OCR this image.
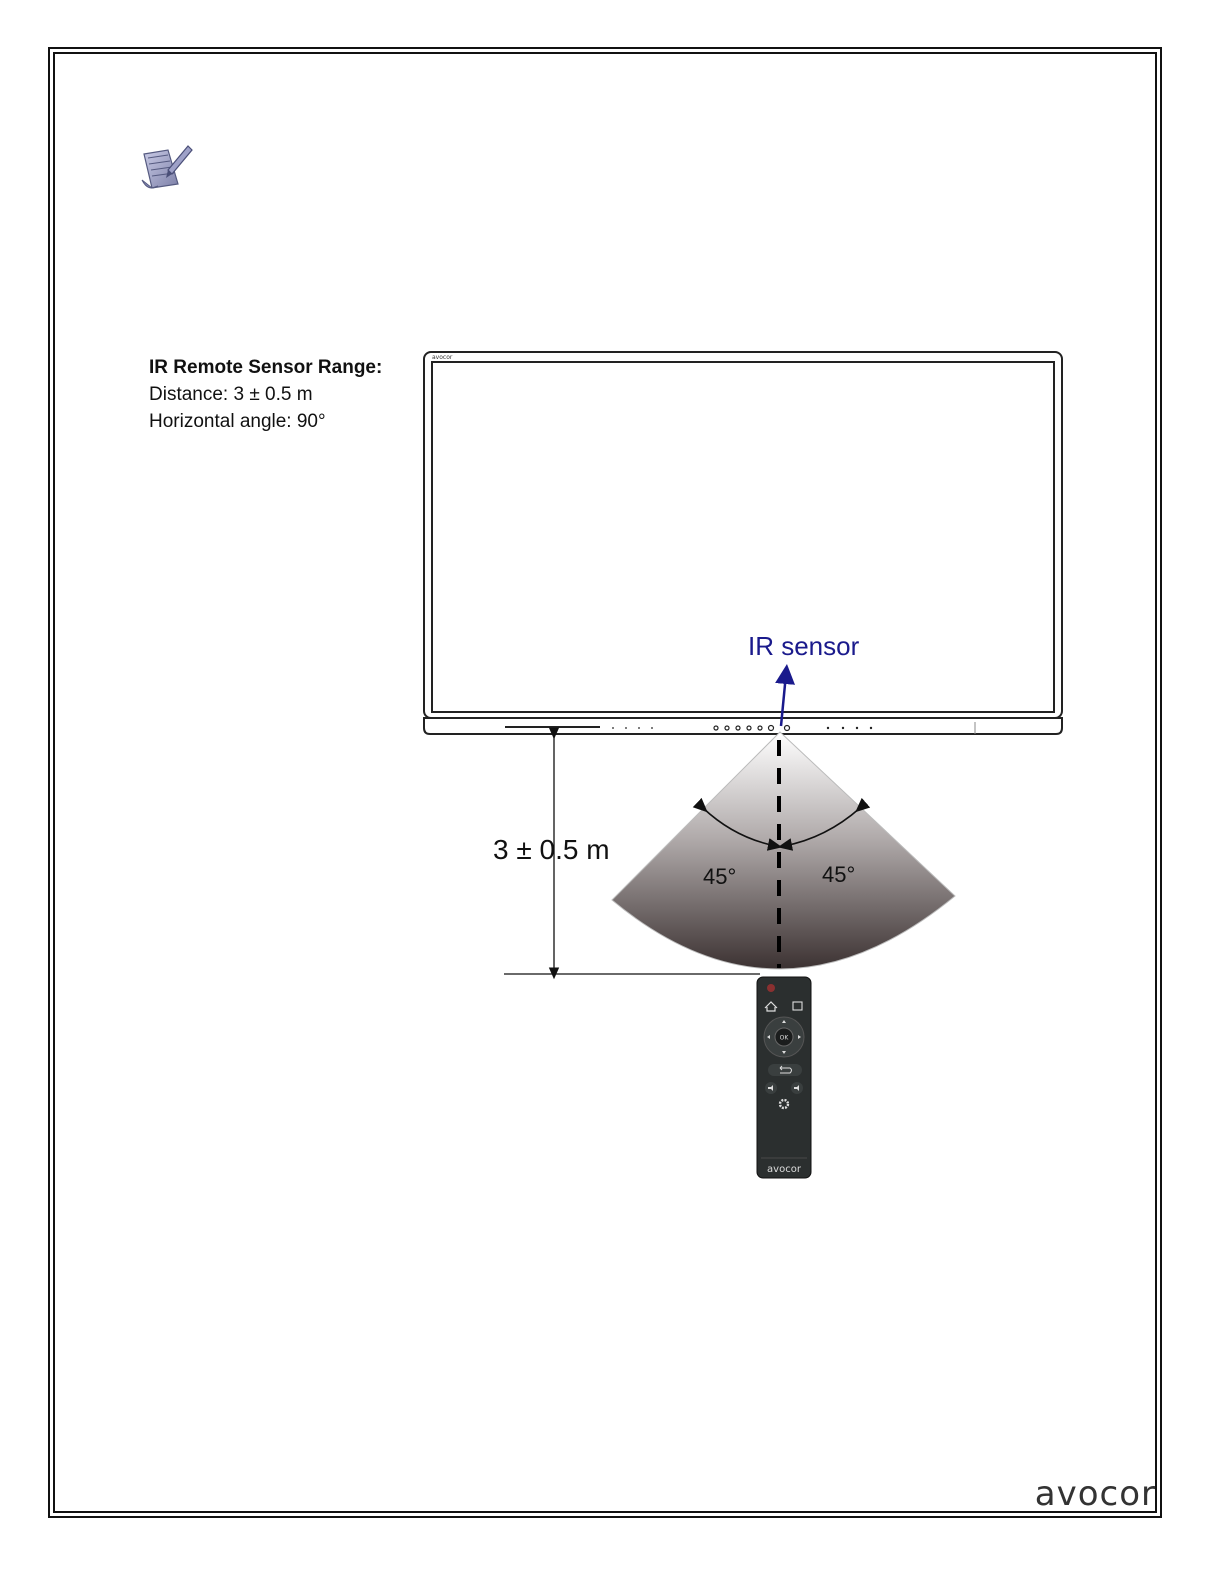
IR Remote Sensor Range:
Distance: 3 ± 0.5 m
Horizontal angle: 90°
avocor
IR sensor
45°	45°
3 ± 0.5 m
OK
avocor
avocor
